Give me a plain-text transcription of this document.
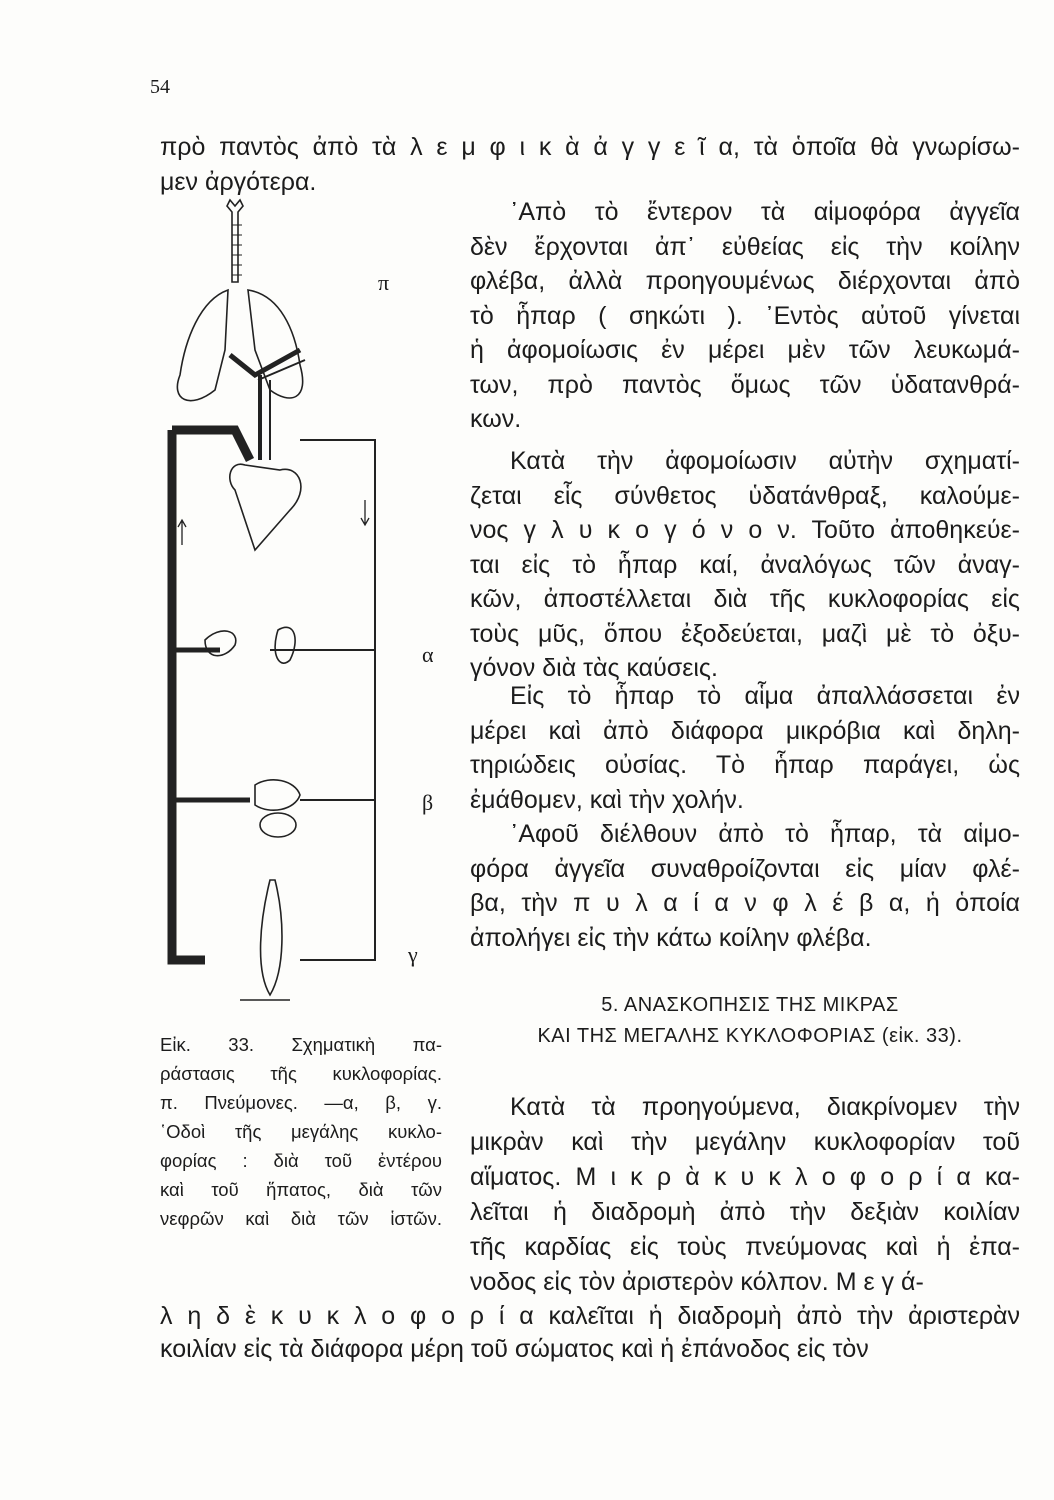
54
πρὸ παντὸς ἀπὸ τὰ λ ε μ φ ι κ ὰ ἀ γ γ ε ῖ α, τὰ ὁποῖα θὰ γνωρίσω-
μεν ἀργότερα.
᾿Απὸ τὸ ἔντερον τὰ αἱμοφόρα ἀγγεῖα
δὲν ἔρχονται ἀπ᾿ εὐθείας εἰς τὴν κοίλην
φλέβα, ἀλλὰ προηγουμένως διέρχονται ἀπὸ
τὸ ἧπαρ ( σηκώτι ). ᾿Εντὸς αὐτοῦ γίνεται
ἡ ἀφομοίωσις ἐν μέρει μὲν τῶν λευκωμά-
των, πρὸ παντὸς ὅμως τῶν ὑδατανθρά-
κων.
Κατὰ τὴν ἀφομοίωσιν αὐτὴν σχηματί-
ζεται εἷς σύνθετος ὑδατάνθραξ, καλούμε-
νος γ λ υ κ ο γ ό ν ο ν. Τοῦτο ἀποθηκεύε-
ται εἰς τὸ ἧπαρ καί, ἀναλόγως τῶν ἀναγ-
κῶν, ἀποστέλλεται διὰ τῆς κυκλοφορίας εἰς
τοὺς μῦς, ὅπου ἐξοδεύεται, μαζὶ μὲ τὸ ὀξυ-
γόνον διὰ τὰς καύσεις.
Εἰς τὸ ἧπαρ τὸ αἷμα ἀπαλλάσσεται ἐν
μέρει καὶ ἀπὸ διάφορα μικρόβια καὶ δηλη-
τηριώδεις οὐσίας. Τὸ ἧπαρ παράγει, ὡς
ἐμάθομεν, καὶ τὴν χολήν.
᾿Αφοῦ διέλθουν ἀπὸ τὸ ἧπαρ, τὰ αἱμο-
φόρα ἀγγεῖα συναθροίζονται εἰς μίαν φλέ-
βα, τὴν π υ λ α ί α ν φ λ έ β α, ἡ ὁποία
ἀπολήγει εἰς τὴν κάτω κοίλην φλέβα.
5. ΑΝΑΣΚΟΠΗΣΙΣ ΤΗΣ ΜΙΚΡΑΣ
ΚΑΙ ΤΗΣ ΜΕΓΑΛΗΣ ΚΥΚΛΟΦΟΡΙΑΣ (εἰκ. 33).
Κατὰ τὰ προηγούμενα, διακρίνομεν τὴν
μικρὰν καὶ τὴν μεγάλην κυκλοφορίαν τοῦ
αἵματος. Μ ι κ ρ ὰ κ υ κ λ ο φ ο ρ ί α κα-
λεῖται ἡ διαδρομὴ ἀπὸ τὴν δεξιὰν κοιλίαν
τῆς καρδίας εἰς τοὺς πνεύμονας καὶ ἡ ἐπα-
νοδος εἰς τὸν ἀριστερὸν κόλπον. Μ ε γ ά-
λ η δ ὲ κ υ κ λ ο φ ο ρ ί α καλεῖται ἡ διαδρομὴ ἀπὸ τὴν ἀριστερὰν
κοιλίαν εἰς τὰ διάφορα μέρη τοῦ σώματος καὶ ἡ ἐπάνοδος εἰς τὸν
Εἰκ. 33. Σχηματικὴ πα-
ράστασις τῆς κυκλοφορίας.
π. Πνεύμονες. —α, β, γ.
῾Οδοὶ τῆς μεγάλης κυκλο-
φορίας : διὰ τοῦ ἐντέρου
καὶ τοῦ ἥπατος, διὰ τῶν
νεφρῶν καὶ διὰ τῶν ἱστῶν.
π
α
β
γ
